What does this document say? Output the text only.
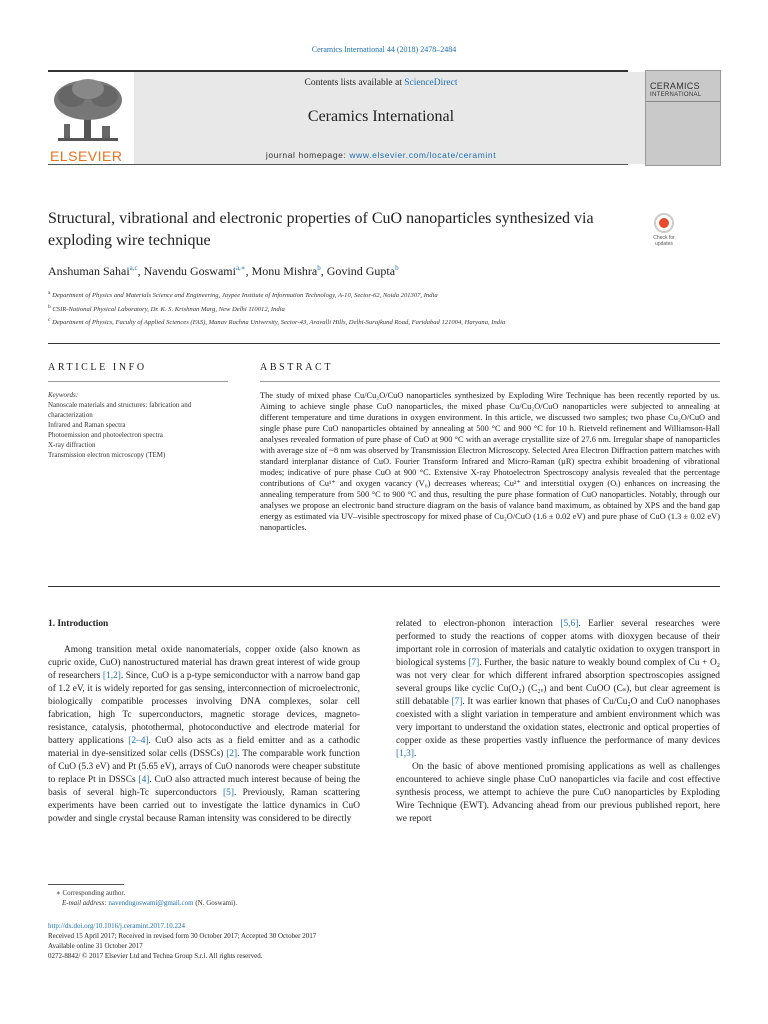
Ceramics International 44 (2018) 2478–2484
ELSEVIER
Contents lists available at ScienceDirect
Ceramics International
journal homepage: www.elsevier.com/locate/ceramint
CERAMICS
INTERNATIONAL
Structural, vibrational and electronic properties of CuO nanoparticles synthesized via exploding wire technique	Check for updates
Anshuman Sahai$^{a,c}$, Navendu Goswami$^{a,∗}$, Monu Mishra$^b$, Govind Gupta$^b$
$^a$ Department of Physics and Materials Science and Engineering, Jaypee Institute of Information Technology, A-10, Sector-62, Noida 201307, India
$^b$ CSIR-National Physical Laboratory, Dr. K. S. Krishnan Marg, New Delhi 110012, India
$^c$ Department of Physics, Faculty of Applied Sciences (FAS), Manav Rachna University, Sector-43, Aravalli Hills, Delhi-Surajkund Road, Faridabad 121004, Haryana, India
ARTICLE INFO	ABSTRACT
Keywords:
Nanoscale materials and structures: fabrication and characterization
Infrared and Raman spectra
Photoemission and photoelectron spectra
X-ray diffraction
Transmission electron microscopy (TEM)
The study of mixed phase Cu/Cu₂O/CuO nanoparticles synthesized by Exploding Wire Technique has been recently reported by us. Aiming to achieve single phase CuO nanoparticles, the mixed phase Cu/Cu₂O/CuO nanoparticles were subjected to annealing at different temperature and time durations in oxygen environment. In this article, we discussed two samples; two phase Cu₂O/CuO and single phase pure CuO nanoparticles obtained by annealing at 500 °C and 900 °C for 10 h. Rietveld refinement and Williamson-Hall analyses revealed formation of pure phase of CuO at 900 °C with an average crystallite size of 27.6 nm. Irregular shape of nanoparticles with average size of ~8 nm was observed by Transmission Electron Microscopy. Selected Area Electron Diffraction pattern matches with standard interplanar distance of CuO. Fourier Transform Infrared and Micro-Raman (µR) spectra exhibit broadening of vibrational modes; indicative of pure phase CuO at 900 °C. Extensive X-ray Photoelectron Spectroscopy analysis revealed that the percentage contributions of Cu¹⁺ and oxygen vacancy (V₀) decreases whereas; Cu²⁺ and interstitial oxygen (Oᵢ) enhances on increasing the annealing temperature from 500 °C to 900 °C and thus, resulting the pure phase formation of CuO nanoparticles. Notably, through our analyses we propose an electronic band structure diagram on the basis of valance band maximum, as obtained by XPS and the band gap energy as estimated via UV–visible spectroscopy for mixed phase of Cu₂O/CuO (1.6 ± 0.02 eV) and pure phase of CuO (1.3 ± 0.02 eV) nanoparticles.

1. Introduction

Among transition metal oxide nanomaterials, copper oxide (also known as cupric oxide, CuO) nanostructured material has drawn great interest of wide group of researchers [1,2]. Since, CuO is a p-type semiconductor with a narrow band gap of 1.2 eV, it is widely reported for gas sensing, interconnection of microelectronic, biologically compatible processes involving DNA complexes, solar cell fabrication, high Tc superconductors, magnetic storage devices, magneto-resistance, catalysis, photothermal, photoconductive and electrode material for battery applications [2–4]. CuO also acts as a field emitter and as a cathodic material in dye-sensitized solar cells (DSSCs) [2]. The comparable work function of CuO (5.3 eV) and Pt (5.65 eV), arrays of CuO nanorods were cheaper substitute to replace Pt in DSSCs [4]. CuO also attracted much interest because of being the basis of several high-Tc superconductors [5]. Previously, Raman scattering experiments have been carried out to investigate the lattice dynamics in CuO powder and single crystal because Raman intensity was considered to be directly

related to electron-phonon interaction [5,6]. Earlier several researches were performed to study the reactions of copper atoms with dioxygen because of their important role in corrosion of materials and catalytic oxidation to oxygen transport in biological systems [7]. Further, the basic nature to weakly bound complex of Cu + O₂ was not very clear for which different infrared absorption spectroscopies assigned several groups like cyclic Cu(O₂) (C₂ᵥ) and bent CuOO (Cₛ), but clear agreement is still debatable [7]. It was earlier known that phases of Cu/Cu₂O and CuO nanophases coexisted with a slight variation in temperature and ambient environment which was very important to understand the oxidation states, electronic and optical properties of copper oxide as these properties vastly influence the performance of many devices [1,3].

On the basic of above mentioned promising applications as well as challenges encountered to achieve single phase CuO nanoparticles via facile and cost effective synthesis process, we attempt to achieve the pure CuO nanoparticles by Exploding Wire Technique (EWT). Advancing ahead from our previous published report, here we report

∗ Corresponding author.
E-mail address: navendugoswami@gmail.com (N. Goswami).
http://dx.doi.org/10.1016/j.ceramint.2017.10.224
Received 15 April 2017; Received in revised form 30 October 2017; Accepted 30 October 2017
Available online 31 October 2017
0272-8842/ © 2017 Elsevier Ltd and Techna Group S.r.l. All rights reserved.
